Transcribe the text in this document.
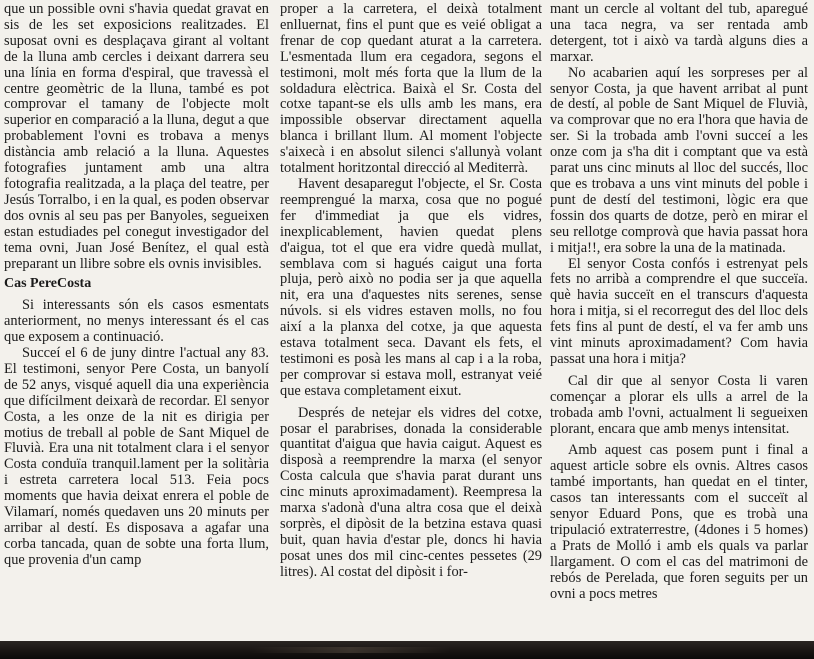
que un possible ovni s'havia quedat gravat en sis de les set exposicions realitzades. El suposat ovni es desplaçava girant al voltant de la lluna amb cercles i deixant darrera seu una línia en forma d'espiral, que travessà el centre geomètric de la lluna, també es pot comprovar el tamany de l'objecte molt superior en comparació a la lluna, degut a que probablement l'ovni es trobava a menys distància amb relació a la lluna. Aquestes fotografies juntament amb una altra fotografia realitzada, a la plaça del teatre, per Jesús Torralbo, i en la qual, es poden observar dos ovnis al seu pas per Banyoles, segueixen estan estudiades pel conegut investigador del tema ovni, Juan José Benítez, el qual està preparant un llibre sobre els ovnis invisibles.

Cas PereCosta

Si interessants són els casos esmentats anteriorment, no menys interessant és el cas que exposem a continuació.

Succeí el 6 de juny dintre l'actual any 83. El testimoni, senyor Pere Costa, un banyolí de 52 anys, visqué aquell dia una experiència que difícilment deixarà de recordar. El senyor Costa, a les onze de la nit es dirigia per motius de treball al poble de Sant Miquel de Fluvià. Era una nit totalment clara i el senyor Costa conduïa tranquil.lament per la solitària i estreta carretera local 513. Feia pocs moments que havia deixat enrera el poble de Vilamarí, només quedaven uns 20 minuts per arribar al destí. Es disposava a agafar una corba tancada, quan de sobte una forta llum, que provenia d'un camp

proper a la carretera, el deixà totalment enlluernat, fins el punt que es veié obligat a frenar de cop quedant aturat a la carretera. L'esmentada llum era cegadora, segons el testimoni, molt més forta que la llum de la soldadura elèctrica. Baixà el Sr. Costa del cotxe tapant-se els ulls amb les mans, era impossible observar directament aquella blanca i brillant llum. Al moment l'objecte s'aixecà i en absolut silenci s'allunyà volant totalment horitzontal direcció al Mediterrà.

Havent desaparegut l'objecte, el Sr. Costa reemprengué la marxa, cosa que no pogué fer d'immediat ja que els vidres, inexplicablement, havien quedat plens d'aigua, tot el que era vidre quedà mullat, semblava com si hagués caigut una forta pluja, però això no podia ser ja que aquella nit, era una d'aquestes nits serenes, sense núvols. si els vidres estaven molls, no fou així a la planxa del cotxe, ja que aquesta estava totalment seca. Davant els fets, el testimoni es posà les mans al cap i a la roba, per comprovar si estava moll, estranyat veié que estava completament eixut.

Després de netejar els vidres del cotxe, posar el parabrises, donada la considerable quantitat d'aigua que havia caigut. Aquest es disposà a reemprendre la marxa (el senyor Costa calcula que s'havia parat durant uns cinc minuts aproximadament). Reempresa la marxa s'adonà d'una altra cosa que el deixà sorprès, el dipòsit de la betzina estava quasi buit, quan havia d'estar ple, doncs hi havia posat unes dos mil cinc-centes pessetes (29 litres). Al costat del dipòsit i for-

mant un cercle al voltant del tub, aparegué una taca negra, va ser rentada amb detergent, tot i això va tardà alguns dies a marxar.

No acabarien aquí les sorpreses per al senyor Costa, ja que havent arribat al punt de destí, al poble de Sant Miquel de Fluvià, va comprovar que no era l'hora que havia de ser. Si la trobada amb l'ovni succeí a les onze com ja s'ha dit i comptant que va està parat uns cinc minuts al lloc del succés, lloc que es trobava a uns vint minuts del poble i punt de destí del testimoni, lògic era que fossin dos quarts de dotze, però en mirar el seu rellotge comprovà que havia passat hora i mitja!!, era sobre la una de la matinada.

El senyor Costa confós i estrenyat pels fets no arribà a comprendre el que succeïa. què havia succeït en el transcurs d'aquesta hora i mitja, si el recorregut des del lloc dels fets fins al punt de destí, el va fer amb uns vint minuts aproximadament? Com havia passat una hora i mitja?

Cal dir que al senyor Costa li varen començar a plorar els ulls a arrel de la trobada amb l'ovni, actualment li segueixen plorant, encara que amb menys intensitat.

Amb aquest cas posem punt i final a aquest article sobre els ovnis. Altres casos també importants, han quedat en el tinter, casos tan interessants com el succeït al senyor Eduard Pons, que es trobà una tripulació extraterrestre, (4dones i 5 homes) a Prats de Molló i amb els quals va parlar llargament. O com el cas del matrimoni de rebós de Perelada, que foren seguits per un ovni a pocs metres
